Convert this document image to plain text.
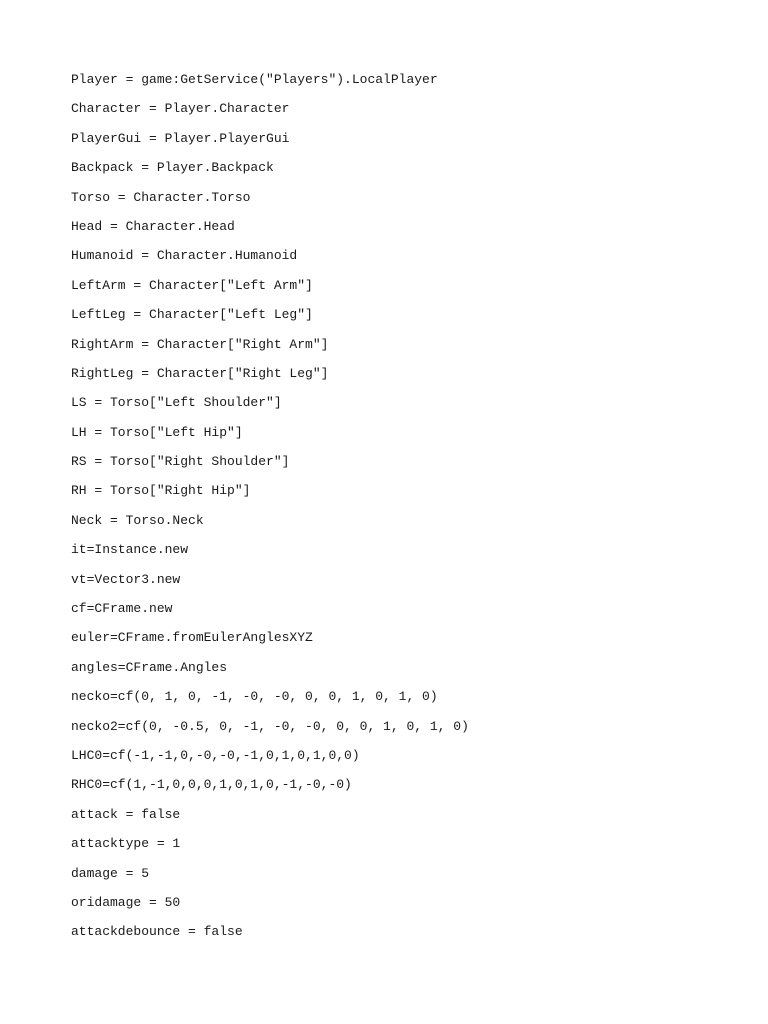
Player = game:GetService("Players").LocalPlayer
Character = Player.Character
PlayerGui = Player.PlayerGui
Backpack = Player.Backpack
Torso = Character.Torso
Head = Character.Head
Humanoid = Character.Humanoid
LeftArm = Character["Left Arm"]
LeftLeg = Character["Left Leg"]
RightArm = Character["Right Arm"]
RightLeg = Character["Right Leg"]
LS = Torso["Left Shoulder"]
LH = Torso["Left Hip"]
RS = Torso["Right Shoulder"]
RH = Torso["Right Hip"]
Neck = Torso.Neck
it=Instance.new
vt=Vector3.new
cf=CFrame.new
euler=CFrame.fromEulerAnglesXYZ
angles=CFrame.Angles
necko=cf(0, 1, 0, -1, -0, -0, 0, 0, 1, 0, 1, 0)
necko2=cf(0, -0.5, 0, -1, -0, -0, 0, 0, 1, 0, 1, 0)
LHC0=cf(-1,-1,0,-0,-0,-1,0,1,0,1,0,0)
RHC0=cf(1,-1,0,0,0,1,0,1,0,-1,-0,-0)
attack = false
attacktype = 1
damage = 5
oridamage = 50
attackdebounce = false
